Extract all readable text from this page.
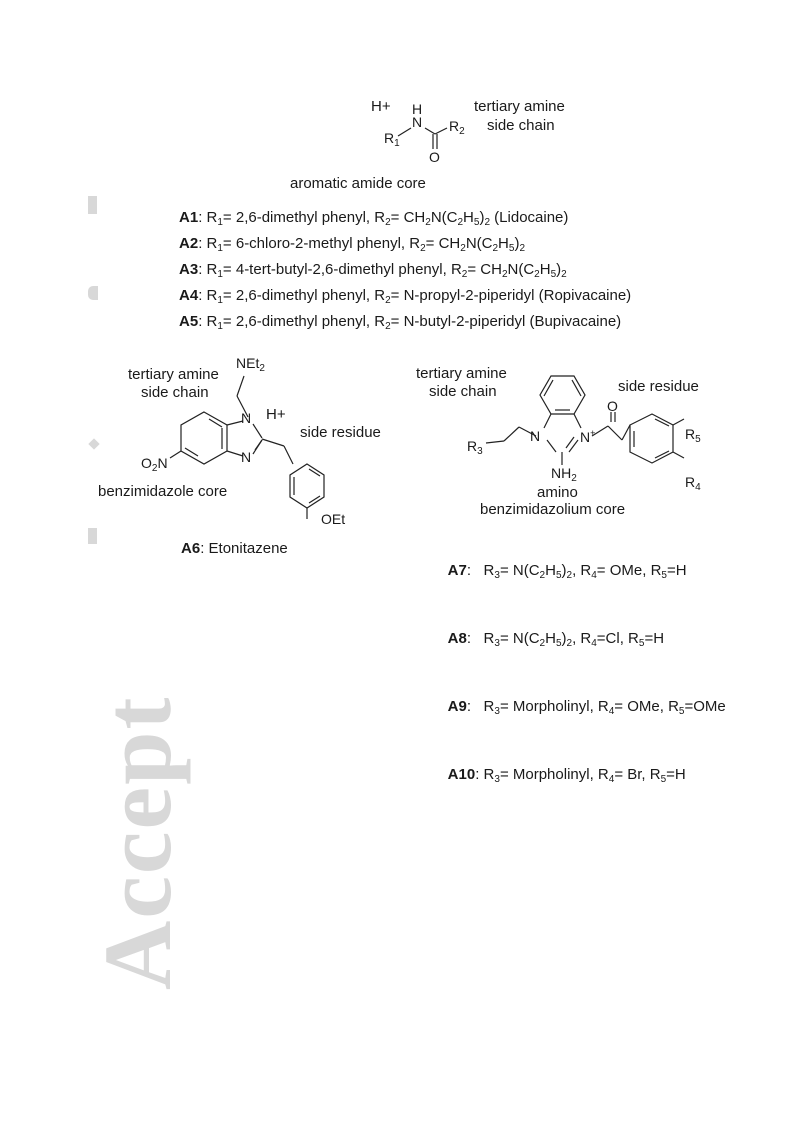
Accept
H+ H
N
$R_1$
$R_2$
O
tertiary amine
side chain
aromatic amide core
A1: $R_1=$ 2,6-dimethyl phenyl, $R_2= CH_2N(C_2H_5)_2$ (Lidocaine)
A2: $R_1=$ 6-chloro-2-methyl phenyl, $R_2= CH_2N(C_2H_5)_2$
A3: $R_1=$ 4-tert-butyl-2,6-dimethyl phenyl, $R_2= CH_2N(C_2H_5)_2$
A4: $R_1=$ 2,6-dimethyl phenyl, $R_2=$ N-propyl-2-piperidyl (Ropivacaine)
A5: $R_1=$ 2,6-dimethyl phenyl, $R_2=$ N-butyl-2-piperidyl (Bupivacaine)
NEt$_2$
tertiary amine
side chain
N H+
side residue
N
$O_2N$
benzimidazole core
OEt
A6: Etonitazene
tertiary amine
side chain	side residue
O
$R_5$
$R_3$
N	N+
$NH_2$	$R_4$
amino
benzimidazolium core

A7:   $R_3= N(C_2H_5)_2$, $R_4=$ OMe, $R_5=H$

A8:   $R_3= N(C_2H_5)_2$, $R_4=Cl$, $R_5=H$

A9:   $R_3=$ Morpholinyl, $R_4=$ OMe, $R_5=OMe$

A10: $R_3=$ Morpholinyl, $R_4= Br$, $R_5=H$
